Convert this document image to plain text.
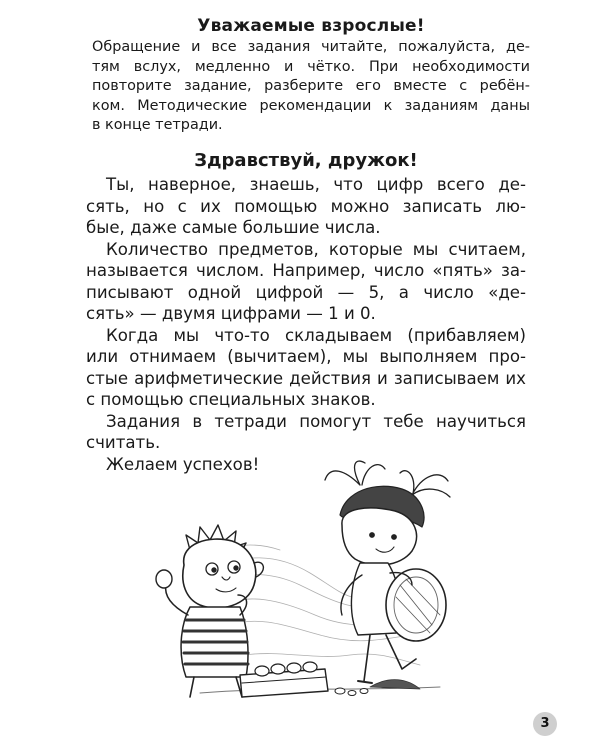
Уважаемые взрослые!

Обращение и все задания читайте, пожалуйста, де-
тям вслух, медленно и чётко. При необходимости
повторите задание, разберите его вместе с ребён-
ком. Методические рекомендации к заданиям даны
в конце тетради.

Здравствуй, дружок!

Ты, наверное, знаешь, что цифр всего де-
сять, но с их помощью можно записать лю-
бые, даже самые большие числа.

Количество предметов, которые мы считаем,
называется числом. Например, число «пять» за-
писывают одной цифрой — 5, а число «де-
сять» — двумя цифрами — 1 и 0.

Когда мы что-то складываем (прибавляем)
или отнимаем (вычитаем), мы выполняем про-
стые арифметические действия и записываем их
с помощью специальных знаков.

Задания в тетради помогут тебе научиться
считать.

Желаем успехов!

3
